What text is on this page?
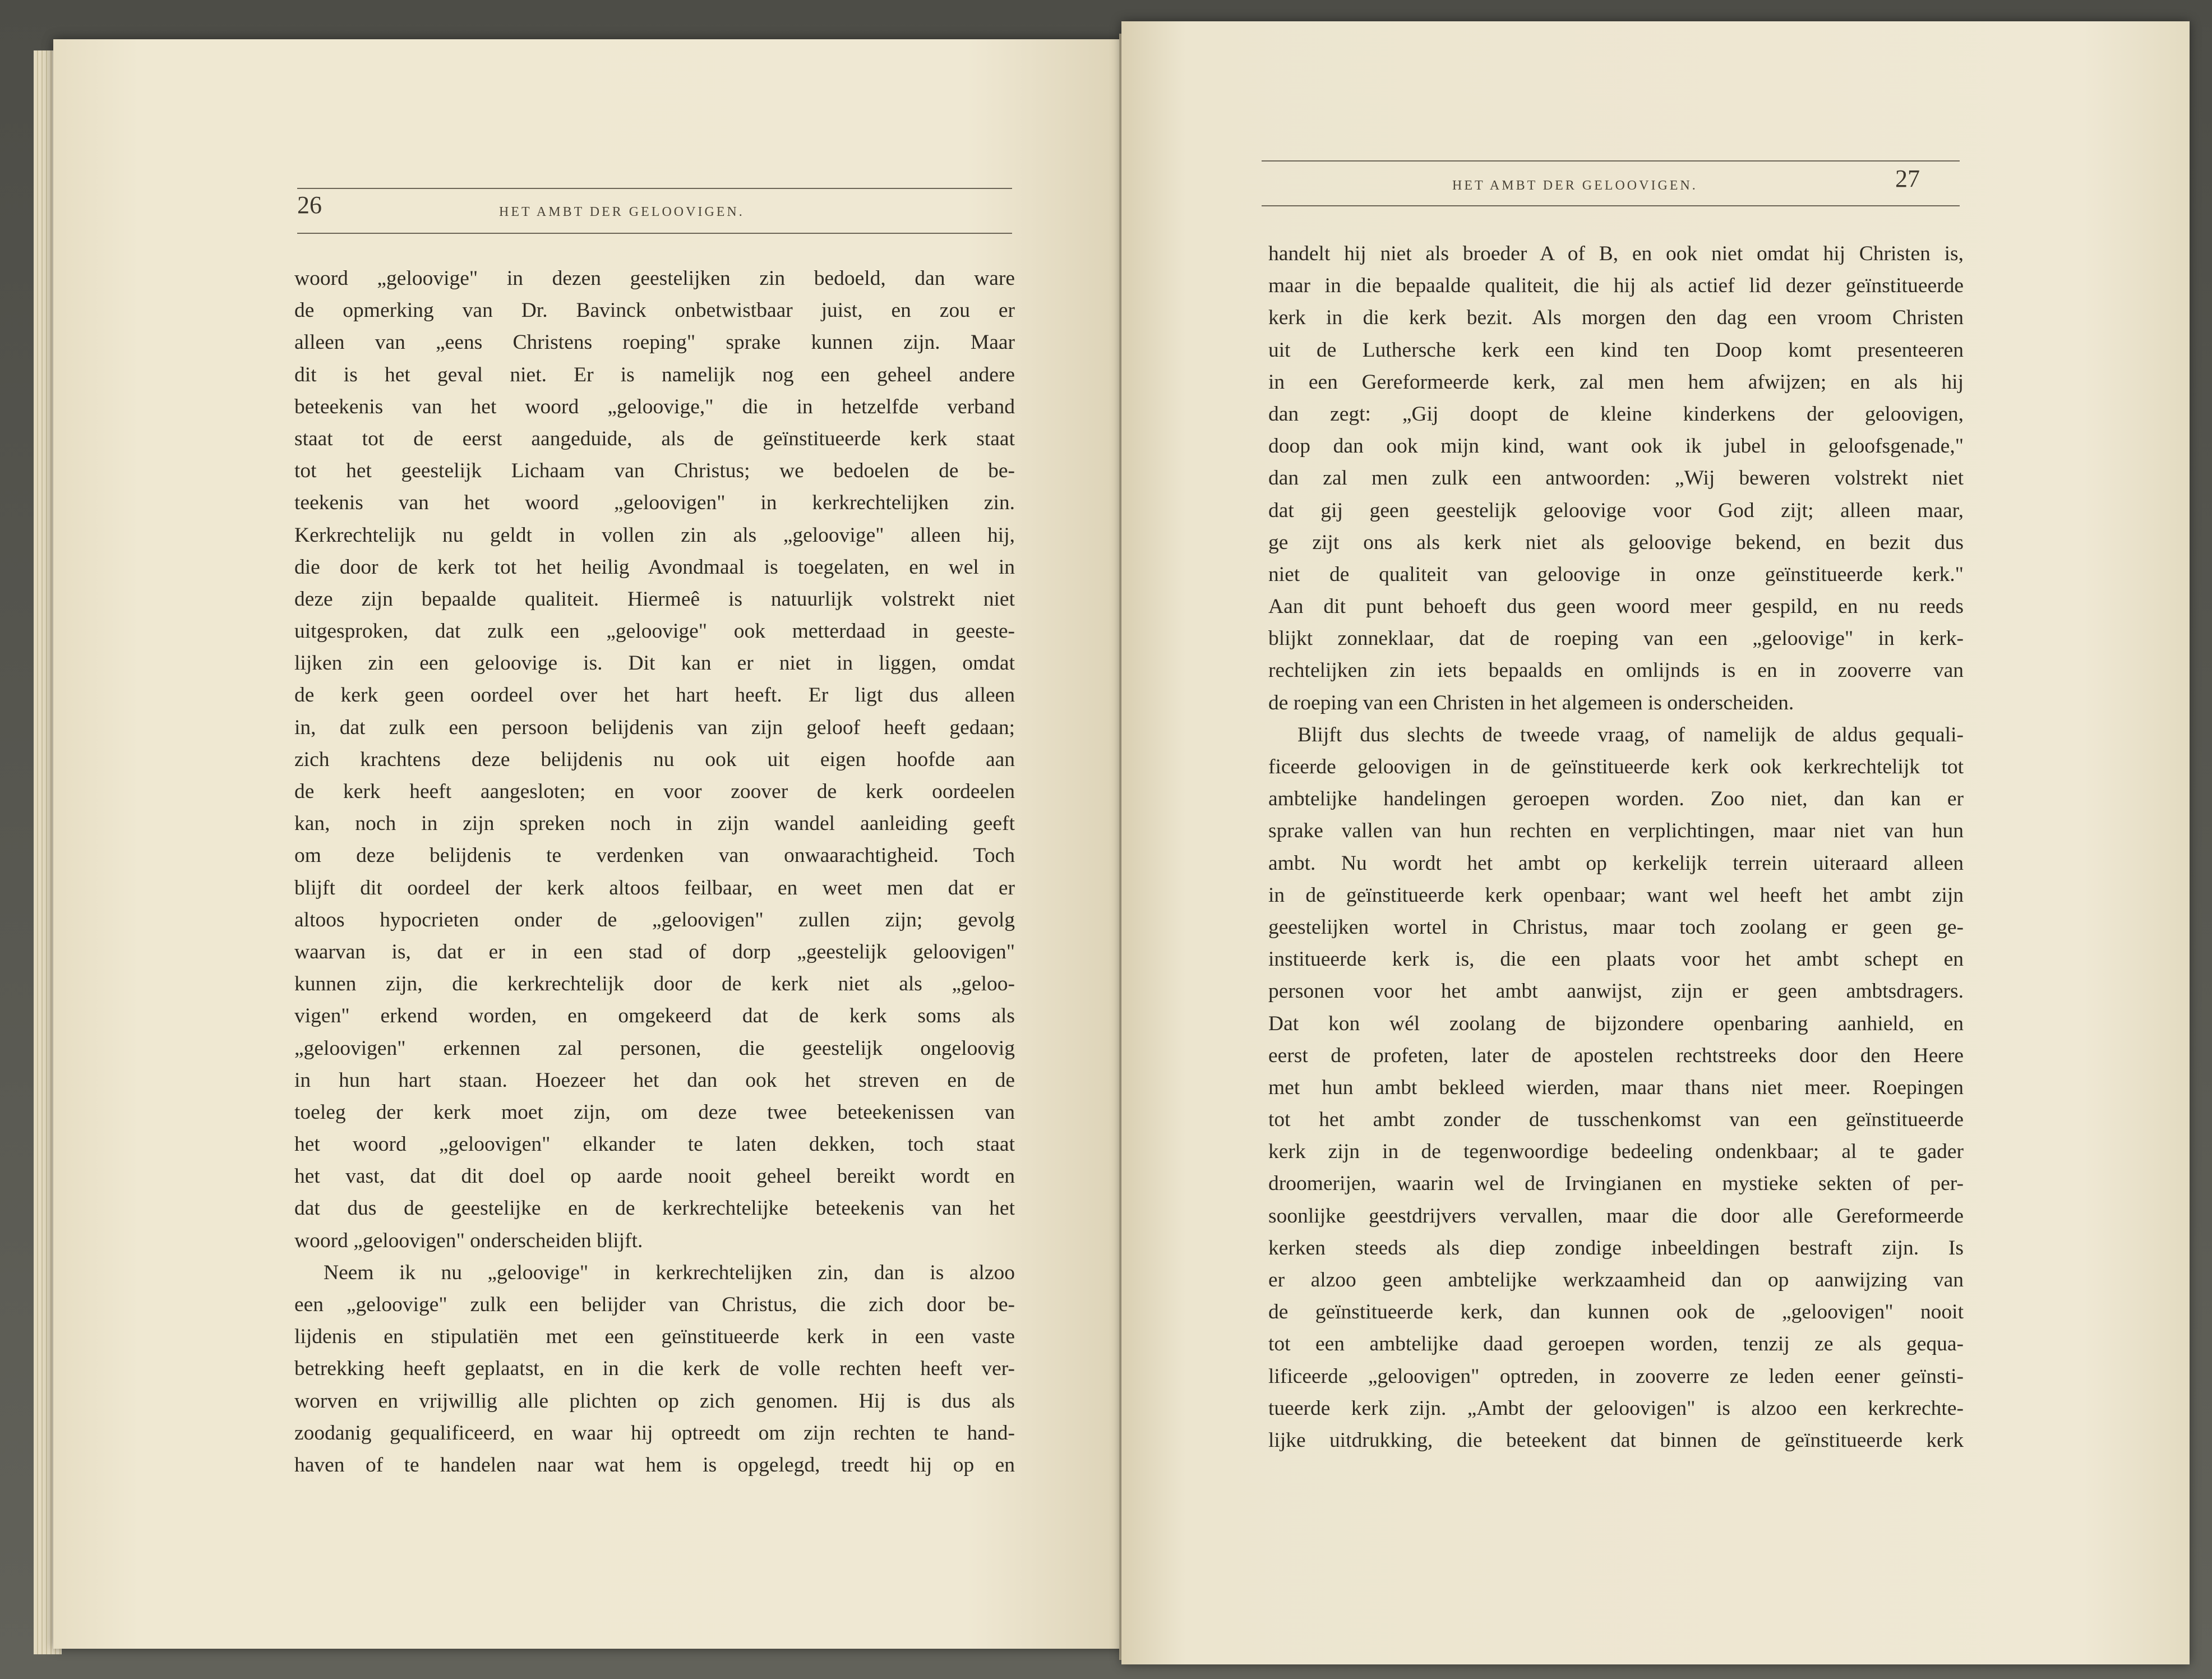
26	HET AMBT DER GELOOVIGEN.
woord „geloovige" in dezen geestelijken zin bedoeld, dan ware
de opmerking van Dr. Bavinck onbetwistbaar juist, en zou er
alleen van „eens Christens roeping" sprake kunnen zijn. Maar
dit is het geval niet. Er is namelijk nog een geheel andere
beteekenis van het woord „geloovige," die in hetzelfde verband
staat tot de eerst aangeduide, als de geïnstitueerde kerk staat
tot het geestelijk Lichaam van Christus; we bedoelen de be-
teekenis van het woord „geloovigen" in kerkrechtelijken zin.
Kerkrechtelijk nu geldt in vollen zin als „geloovige" alleen hij,
die door de kerk tot het heilig Avondmaal is toegelaten, en wel in
deze zijn bepaalde qualiteit. Hiermeê is natuurlijk volstrekt niet
uitgesproken, dat zulk een „geloovige" ook metterdaad in geeste-
lijken zin een geloovige is. Dit kan er niet in liggen, omdat
de kerk geen oordeel over het hart heeft. Er ligt dus alleen
in, dat zulk een persoon belijdenis van zijn geloof heeft gedaan;
zich krachtens deze belijdenis nu ook uit eigen hoofde aan
de kerk heeft aangesloten; en voor zoover de kerk oordeelen
kan, noch in zijn spreken noch in zijn wandel aanleiding geeft
om deze belijdenis te verdenken van onwaarachtigheid. Toch
blijft dit oordeel der kerk altoos feilbaar, en weet men dat er
altoos hypocrieten onder de „geloovigen" zullen zijn; gevolg
waarvan is, dat er in een stad of dorp „geestelijk geloovigen"
kunnen zijn, die kerkrechtelijk door de kerk niet als „geloo-
vigen" erkend worden, en omgekeerd dat de kerk soms als
„geloovigen" erkennen zal personen, die geestelijk ongeloovig
in hun hart staan. Hoezeer het dan ook het streven en de
toeleg der kerk moet zijn, om deze twee beteekenissen van
het woord „geloovigen" elkander te laten dekken, toch staat
het vast, dat dit doel op aarde nooit geheel bereikt wordt en
dat dus de geestelijke en de kerkrechtelijke beteekenis van het
woord „geloovigen" onderscheiden blijft.
Neem ik nu „geloovige" in kerkrechtelijken zin, dan is alzoo
een „geloovige" zulk een belijder van Christus, die zich door be-
lijdenis en stipulatiën met een geïnstitueerde kerk in een vaste
betrekking heeft geplaatst, en in die kerk de volle rechten heeft ver-
worven en vrijwillig alle plichten op zich genomen. Hij is dus als
zoodanig gequalificeerd, en waar hij optreedt om zijn rechten te hand-
haven of te handelen naar wat hem is opgelegd, treedt hij op en
HET AMBT DER GELOOVIGEN.	27
handelt hij niet als broeder A of B, en ook niet omdat hij Christen is,
maar in die bepaalde qualiteit, die hij als actief lid dezer geïnstitueerde
kerk in die kerk bezit. Als morgen den dag een vroom Christen
uit de Luthersche kerk een kind ten Doop komt presenteeren
in een Gereformeerde kerk, zal men hem afwijzen; en als hij
dan zegt: „Gij doopt de kleine kinderkens der geloovigen,
doop dan ook mijn kind, want ook ik jubel in geloofsgenade,"
dan zal men zulk een antwoorden: „Wij beweren volstrekt niet
dat gij geen geestelijk geloovige voor God zijt; alleen maar,
ge zijt ons als kerk niet als geloovige bekend, en bezit dus
niet de qualiteit van geloovige in onze geïnstitueerde kerk."
Aan dit punt behoeft dus geen woord meer gespild, en nu reeds
blijkt zonneklaar, dat de roeping van een „geloovige" in kerk-
rechtelijken zin iets bepaalds en omlijnds is en in zooverre van
de roeping van een Christen in het algemeen is onderscheiden.
Blijft dus slechts de tweede vraag, of namelijk de aldus gequali-
ficeerde geloovigen in de geïnstitueerde kerk ook kerkrechtelijk tot
ambtelijke handelingen geroepen worden. Zoo niet, dan kan er
sprake vallen van hun rechten en verplichtingen, maar niet van hun
ambt. Nu wordt het ambt op kerkelijk terrein uiteraard alleen
in de geïnstitueerde kerk openbaar; want wel heeft het ambt zijn
geestelijken wortel in Christus, maar toch zoolang er geen ge-
institueerde kerk is, die een plaats voor het ambt schept en
personen voor het ambt aanwijst, zijn er geen ambtsdragers.
Dat kon wél zoolang de bijzondere openbaring aanhield, en
eerst de profeten, later de apostelen rechtstreeks door den Heere
met hun ambt bekleed wierden, maar thans niet meer. Roepingen
tot het ambt zonder de tusschenkomst van een geïnstitueerde
kerk zijn in de tegenwoordige bedeeling ondenkbaar; al te gader
droomerijen, waarin wel de Irvingianen en mystieke sekten of per-
soonlijke geestdrijvers vervallen, maar die door alle Gereformeerde
kerken steeds als diep zondige inbeeldingen bestraft zijn. Is
er alzoo geen ambtelijke werkzaamheid dan op aanwijzing van
de geïnstitueerde kerk, dan kunnen ook de „geloovigen" nooit
tot een ambtelijke daad geroepen worden, tenzij ze als gequa-
lificeerde „geloovigen" optreden, in zooverre ze leden eener geïnsti-
tueerde kerk zijn. „Ambt der geloovigen" is alzoo een kerkrechte-
lijke uitdrukking, die beteekent dat binnen de geïnstitueerde kerk
